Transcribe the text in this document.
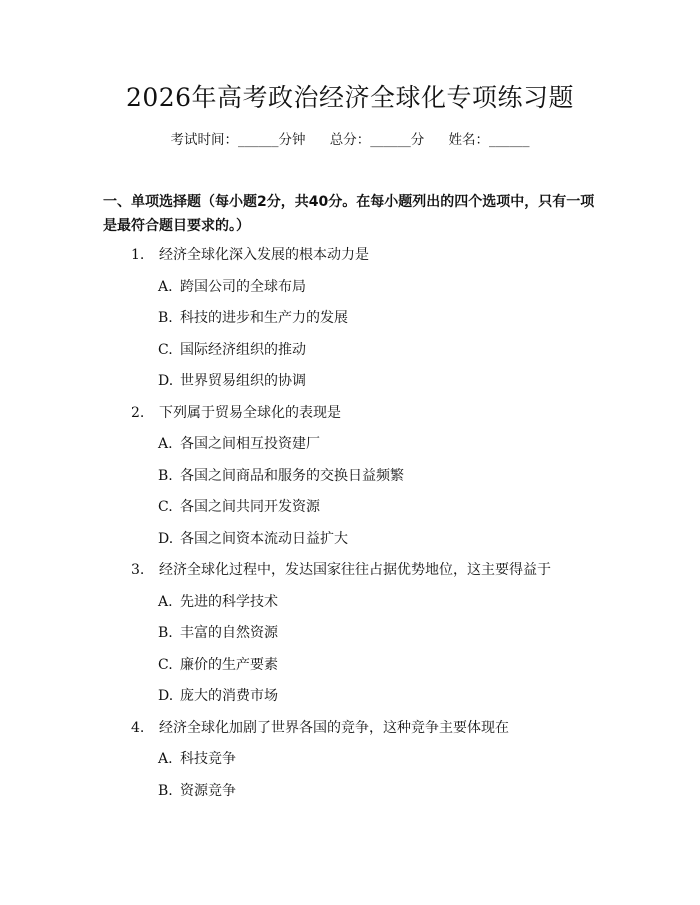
2026年高考政治经济全球化专项练习题
考试时间：______分钟 总分：______分 姓名：______
一、单项选择题（每小题2分，共40分。在每小题列出的四个选项中，只有一项是最符合题目要求的。）
1. 经济全球化深入发展的根本动力是
A. 跨国公司的全球布局
B. 科技的进步和生产力的发展
C. 国际经济组织的推动
D. 世界贸易组织的协调
2. 下列属于贸易全球化的表现是
A. 各国之间相互投资建厂
B. 各国之间商品和服务的交换日益频繁
C. 各国之间共同开发资源
D. 各国之间资本流动日益扩大
3. 经济全球化过程中，发达国家往往占据优势地位，这主要得益于
A. 先进的科学技术
B. 丰富的自然资源
C. 廉价的生产要素
D. 庞大的消费市场
4. 经济全球化加剧了世界各国的竞争，这种竞争主要体现在
A. 科技竞争
B. 资源竞争
